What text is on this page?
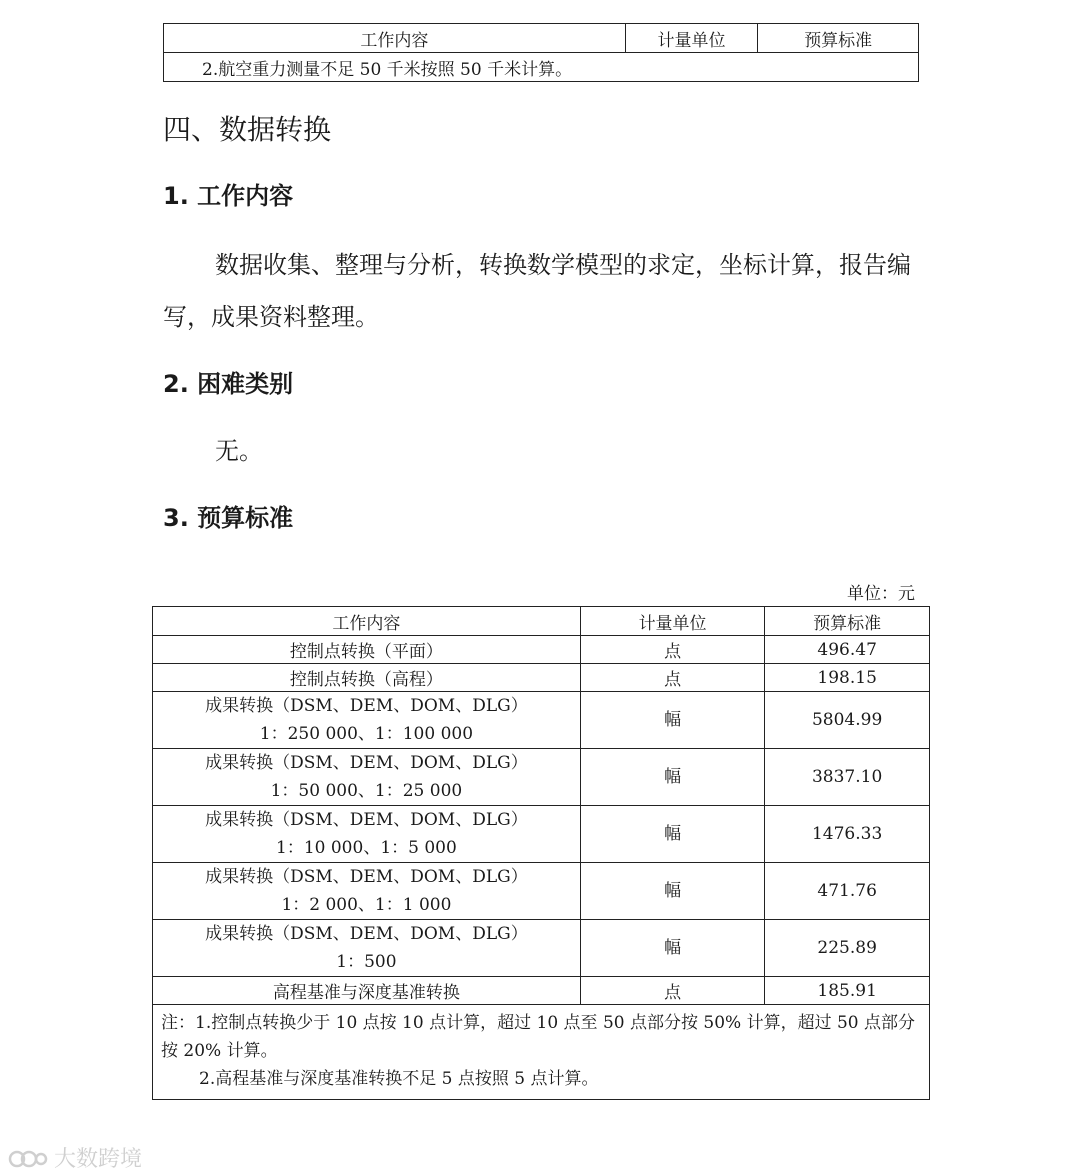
工作内容	计量单位	预算标准
2.航空重力测量不足 50 千米按照 50 千米计算。
四、数据转换
1. 工作内容
数据收集、整理与分析，转换数学模型的求定，坐标计算，报告编写，成果资料整理。
2. 困难类别
无。
3. 预算标准
单位：元
工作内容	计量单位	预算标准
控制点转换（平面）	点	496.47
控制点转换（高程）	点	198.15

成果转换（DSM、DEM、DOM、DLG）
1：250 000、1：100 000	幅	5804.99

成果转换（DSM、DEM、DOM、DLG）
1：50 000、1：25 000	幅	3837.10

成果转换（DSM、DEM、DOM、DLG）
1：10 000、1：5 000	幅	1476.33

成果转换（DSM、DEM、DOM、DLG）
1：2 000、1：1 000	幅	471.76

成果转换（DSM、DEM、DOM、DLG）
1：500	幅	225.89
高程基准与深度基准转换	点	185.91

注：1.控制点转换少于 10 点按 10 点计算，超过 10 点至 50 点部分按 50% 计算，超过 50 点部分按 20% 计算。
2.高程基准与深度基准转换不足 5 点按照 5 点计算。		
大数跨境
